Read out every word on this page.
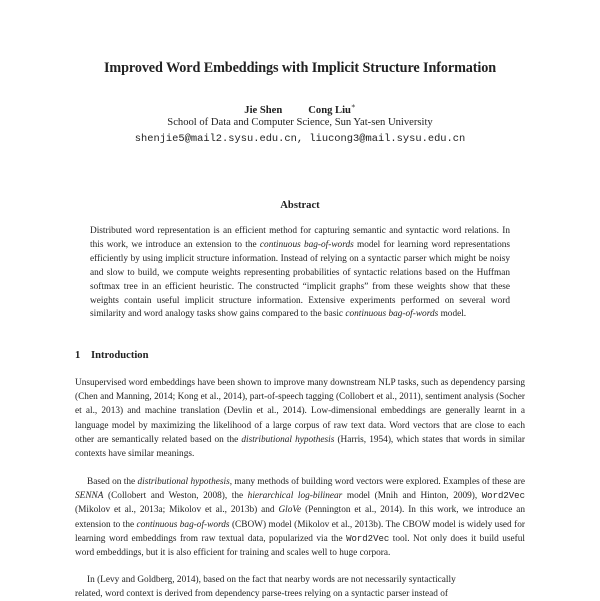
Improved Word Embeddings with Implicit Structure Information
Jie Shen Cong Liu∗
School of Data and Computer Science, Sun Yat-sen University
shenjie5@mail2.sysu.edu.cn, liucong3@mail.sysu.edu.cn
Abstract

Distributed word representation is an efficient method for capturing semantic and syntactic word relations. In this work, we introduce an extension to the continuous bag-of-words model for learning word representations efficiently by using implicit structure information. Instead of relying on a syntactic parser which might be noisy and slow to build, we compute weights representing probabilities of syntactic relations based on the Huffman softmax tree in an efficient heuristic. The constructed “implicit graphs” from these weights show that these weights contain useful implicit structure information. Extensive experiments performed on several word similarity and word analogy tasks show gains compared to the basic continuous bag-of-words model.

1 Introduction

Unsupervised word embeddings have been shown to improve many downstream NLP tasks, such as dependency parsing (Chen and Manning, 2014; Kong et al., 2014), part-of-speech tagging (Collobert et al., 2011), sentiment analysis (Socher et al., 2013) and machine translation (Devlin et al., 2014). Low-dimensional embeddings are generally learnt in a language model by maximizing the likelihood of a large corpus of raw text data. Word vectors that are close to each other are semantically related based on the distributional hypothesis (Harris, 1954), which states that words in similar contexts have similar meanings.

Based on the distributional hypothesis, many methods of building word vectors were explored. Examples of these are SENNA (Collobert and Weston, 2008), the hierarchical log-bilinear model (Mnih and Hinton, 2009), Word2Vec (Mikolov et al., 2013a; Mikolov et al., 2013b) and GloVe (Pennington et al., 2014). In this work, we introduce an extension to the continuous bag-of-words (CBOW) model (Mikolov et al., 2013b). The CBOW model is widely used for learning word embeddings from raw textual data, popularized via the Word2Vec tool. Not only does it build useful word embeddings, but it is also efficient for training and scales well to huge corpora.

In (Levy and Goldberg, 2014), based on the fact that nearby words are not necessarily syntactically

related, word context is derived from dependency parse-trees relying on a syntactic parser instead of
